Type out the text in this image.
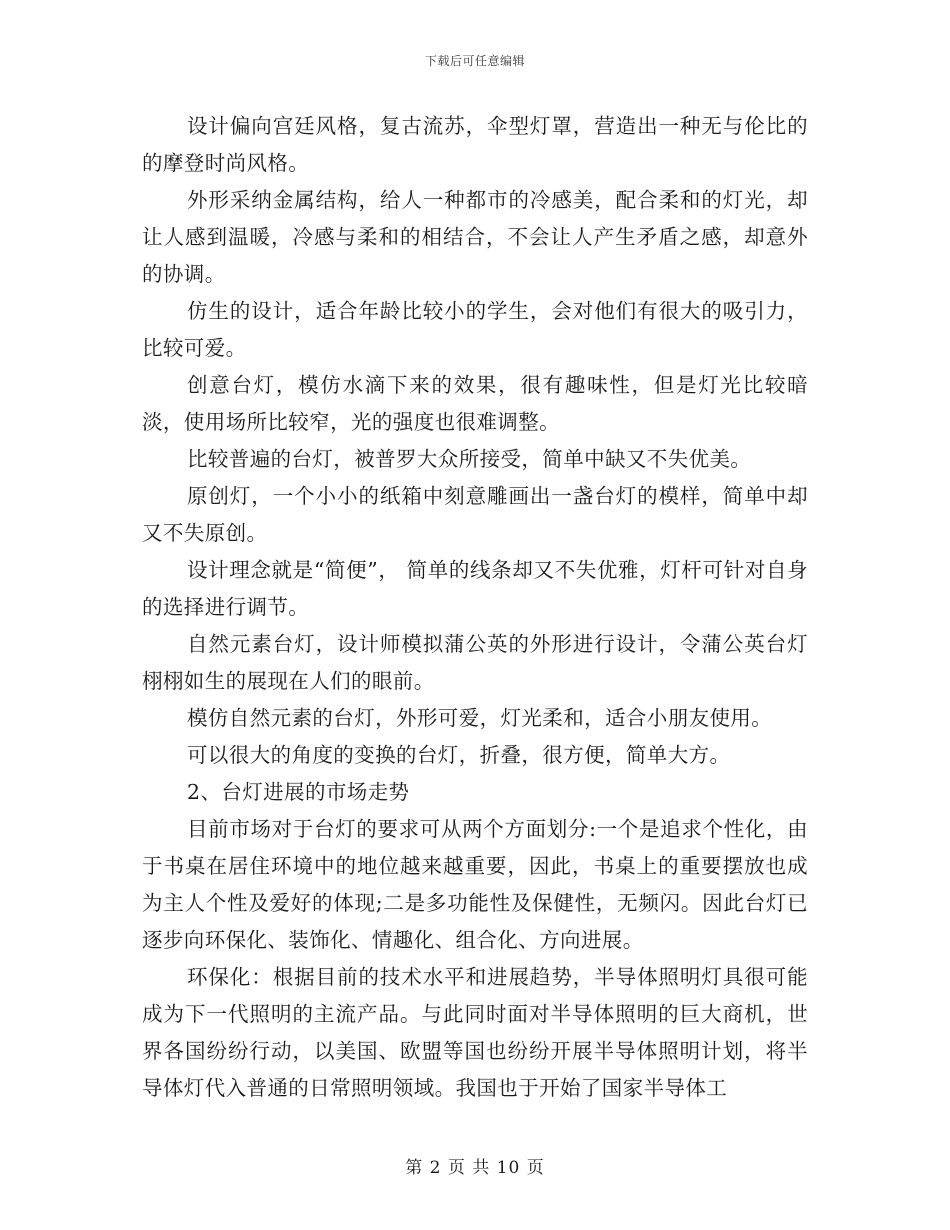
下载后可任意编辑

设计偏向宫廷风格，复古流苏，伞型灯罩，营造出一种无与伦比的的摩登时尚风格。

外形采纳金属结构，给人一种都市的冷感美，配合柔和的灯光，却让人感到温暖，冷感与柔和的相结合，不会让人产生矛盾之感，却意外的协调。

仿生的设计，适合年龄比较小的学生，会对他们有很大的吸引力，比较可爱。

创意台灯，模仿水滴下来的效果，很有趣味性，但是灯光比较暗淡，使用场所比较窄，光的强度也很难调整。

比较普遍的台灯，被普罗大众所接受，简单中缺又不失优美。

原创灯，一个小小的纸箱中刻意雕画出一盏台灯的模样，简单中却又不失原创。

设计理念就是“简便”， 简单的线条却又不失优雅，灯杆可针对自身的选择进行调节。

自然元素台灯，设计师模拟蒲公英的外形进行设计，令蒲公英台灯栩栩如生的展现在人们的眼前。

模仿自然元素的台灯，外形可爱，灯光柔和，适合小朋友使用。

可以很大的角度的变换的台灯，折叠，很方便，简单大方。

2、台灯进展的市场走势

目前市场对于台灯的要求可从两个方面划分:一个是追求个性化，由于书桌在居住环境中的地位越来越重要，因此，书桌上的重要摆放也成为主人个性及爱好的体现;二是多功能性及保健性，无频闪。因此台灯已逐步向环保化、装饰化、情趣化、组合化、方向进展。

环保化：根据目前的技术水平和进展趋势，半导体照明灯具很可能成为下一代照明的主流产品。与此同时面对半导体照明的巨大商机，世界各国纷纷行动，以美国、欧盟等国也纷纷开展半导体照明计划，将半导体灯代入普通的日常照明领域。我国也于开始了国家半导体工

第 2 页 共 10 页
